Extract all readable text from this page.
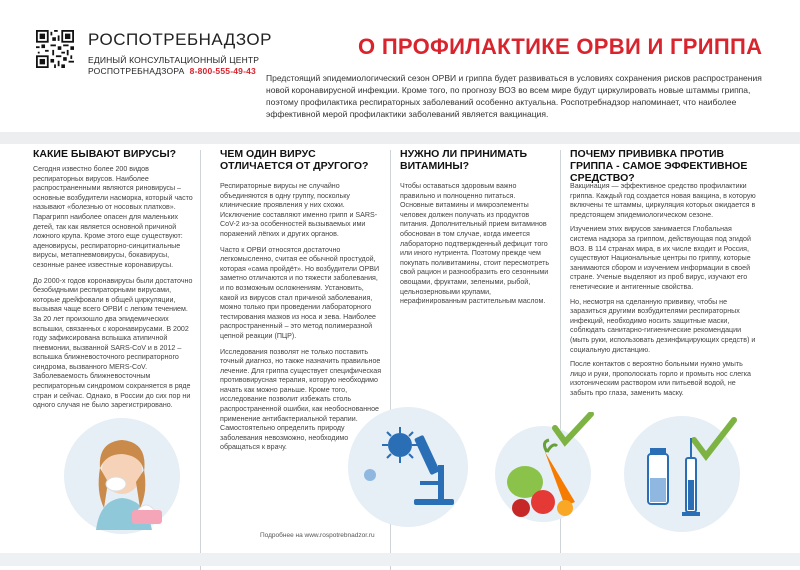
РОСПОТРЕБНАДЗОР
ЕДИНЫЙ КОНСУЛЬТАЦИОННЫЙ ЦЕНТР
РОСПОТРЕБНАДЗОРА 8-800-555-49-43
О ПРОФИЛАКТИКЕ ОРВИ И ГРИППА
Предстоящий эпидемиологический сезон ОРВИ и гриппа будет развиваться в условиях сохранения рисков распространения новой коронавирусной инфекции. Кроме того, по прогнозу ВОЗ во всем мире будут циркулировать новые штаммы гриппа, поэтому профилактика респираторных заболеваний особенно актуальна. Роспотребнадзор напоминает, что наиболее эффективной мерой профилактики заболеваний является вакцинация.
КАКИЕ БЫВАЮТ ВИРУСЫ?

Сегодня известно более 200 видов респираторных вирусов. Наиболее распространенными являются риновирусы – основные возбудители насморка, который часто называют «болезнью от носовых платков». Парагрипп наиболее опасен для маленьких детей, так как является основной причиной ложного крупа. Кроме этого еще существуют: аденовирусы, респираторно-синцитиальные вирусы, метапневмовирусы, бокавирусы, сезонные ранее известные коронавирусы.

До 2000-х годов коронавирусы были достаточно безобидными респираторными вирусами, которые дрейфовали в общей циркуляции, вызывая чаще всего ОРВИ с легким течением. За 20 лет произошло два эпидемических вспышки, связанных с коронавирусами. В 2002 году зафиксирована вспышка атипичной пневмонии, вызванной SARS-CoV и в 2012 – вспышка ближневосточного респираторного синдрома, вызванного MERS-CoV. Заболеваемость ближневосточным респираторным синдромом сохраняется в ряде стран и сейчас. Однако, в России до сих пор ни одного случая не было зарегистрировано.

ЧЕМ ОДИН ВИРУС ОТЛИЧАЕТСЯ ОТ ДРУГОГО?

Респираторные вирусы не случайно объединяются в одну группу, поскольку клинические проявления у них схожи. Исключение составляют именно грипп и SARS-CoV-2 из-за особенностей вызываемых ими поражений лёгких и других органов.

Часто к ОРВИ относятся достаточно легкомысленно, считая ее обычной простудой, которая «сама пройдёт». Но возбудители ОРВИ заметно отличаются и по тяжести заболевания, и по возможным осложнениям. Установить, какой из вирусов стал причиной заболевания, можно только при проведении лабораторного тестирования мазков из носа и зева. Наиболее распространенный – это метод полимеразной цепной реакции (ПЦР).

Исследования позволят не только поставить точный диагноз, но также назначить правильное лечение. Для гриппа существует специфическая противовирусная терапия, которую необходимо начать как можно раньше. Кроме того, исследование позволит избежать столь распространенной ошибки, как необоснованное применение антибактериальной терапии. Самостоятельно определить природу заболевания невозможно, необходимо обращаться к врачу.

НУЖНО ЛИ ПРИНИМАТЬ ВИТАМИНЫ?

Чтобы оставаться здоровым важно правильно и полноценно питаться. Основные витамины и микроэлементы человек должен получать из продуктов питания. Дополнительный прием витаминов обоснован в том случае, когда имеется лабораторно подтвержденный дефицит того или иного нутриента. Поэтому прежде чем покупать поливитамины, стоит пересмотреть свой рацион и разнообразить его сезонными овощами, фруктами, зелеными, рыбой, цельнозерновыми крупами, нерафинированным растительным маслом.

ПОЧЕМУ ПРИВИВКА ПРОТИВ ГРИППА - САМОЕ ЭФФЕКТИВНОЕ СРЕДСТВО?

Вакцинация — эффективное средство профилактики гриппа. Каждый год создается новая вакцина, в которую включены те штаммы, циркуляция которых ожидается в предстоящем эпидемиологическом сезоне.

Изучением этих вирусов занимается Глобальная система надзора за гриппом, действующая под эгидой ВОЗ. В 114 странах мира, в их числе входит и Россия, существуют Национальные центры по гриппу, которые занимаются сбором и изучением информации в своей стране. Ученые выделяют из проб вирус, изучают его генетические и антигенные свойства.

Но, несмотря на сделанную прививку, чтобы не заразиться другими возбудителями респираторных инфекций, необходимо носить защитные маски, соблюдать санитарно-гигиенические рекомендации (мыть руки, использовать дезинфицирующих средств) и социальную дистанцию.

После контактов с вероятно больными нужно умыть лицо и руки, прополоскать горло и промыть нос слегка изотоническим раствором или питьевой водой, не забыть про глаза, заменить маску.

Подробнее на www.rospotrebnadzor.ru
